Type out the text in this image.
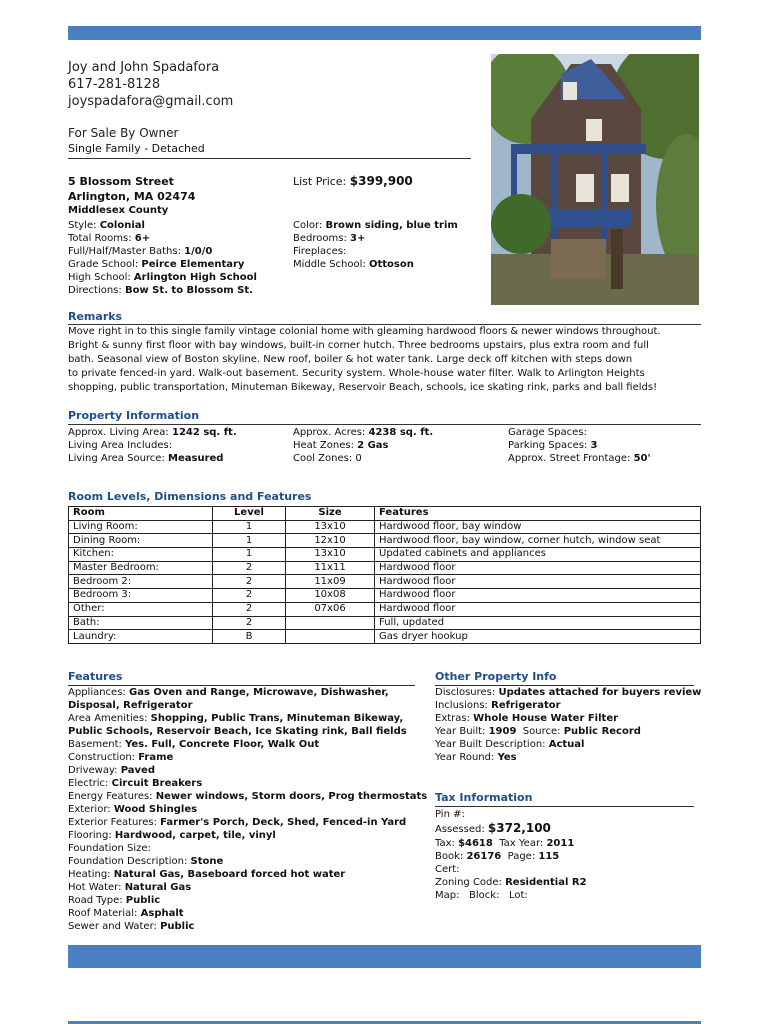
Joy and John Spadafora
617-281-8128
joyspadafora@gmail.com
For Sale By Owner
Single Family - Detached
5 Blossom Street
Arlington, MA 02474
Middlesex County
List Price: $399,900
Style: Colonial
Total Rooms: 6+
Full/Half/Master Baths: 1/0/0
Grade School: Peirce Elementary
High School: Arlington High School
Directions: Bow St. to Blossom St.
Color: Brown siding, blue trim
Bedrooms: 3+
Fireplaces:
Middle School: Ottoson
Remarks
Move right in to this single family vintage colonial home with gleaming hardwood floors & newer windows throughout.
Bright & sunny first floor with bay windows, built-in corner hutch. Three bedrooms upstairs, plus extra room and full
bath. Seasonal view of Boston skyline. New roof, boiler & hot water tank. Large deck off kitchen with steps down
to private fenced-in yard. Walk-out basement. Security system. Whole-house water filter. Walk to Arlington Heights
shopping, public transportation, Minuteman Bikeway, Reservoir Beach, schools, ice skating rink, parks and ball fields!
Property Information
Approx. Living Area: 1242 sq. ft.
Living Area Includes:
Living Area Source: Measured
Approx. Acres: 4238 sq. ft.
Heat Zones: 2 Gas
Cool Zones: 0
Garage Spaces:
Parking Spaces: 3
Approx. Street Frontage: 50'
Room Levels, Dimensions and Features
Room	Level	Size	Features
Living Room:	1	13x10	Hardwood floor, bay window
Dining Room:	1	12x10	Hardwood floor, bay window, corner hutch, window seat
Kitchen:	1	13x10	Updated cabinets and appliances
Master Bedroom:	2	11x11	Hardwood floor
Bedroom 2:	2	11x09	Hardwood floor
Bedroom 3:	2	10x08	Hardwood floor
Other:	2	07x06	Hardwood floor
Bath:	2		Full, updated
Laundry:	B		Gas dryer hookup
Features
Appliances: Gas Oven and Range, Microwave, Dishwasher,
Disposal, Refrigerator
Area Amenities: Shopping, Public Trans, Minuteman Bikeway,
Public Schools, Reservoir Beach, Ice Skating rink, Ball fields
Basement: Yes. Full, Concrete Floor, Walk Out
Construction: Frame
Driveway: Paved
Electric: Circuit Breakers
Energy Features: Newer windows, Storm doors, Prog thermostats
Exterior: Wood Shingles
Exterior Features: Farmer's Porch, Deck, Shed, Fenced-in Yard
Flooring: Hardwood, carpet, tile, vinyl
Foundation Size:
Foundation Description: Stone
Heating: Natural Gas, Baseboard forced hot water
Hot Water: Natural Gas
Road Type: Public
Roof Material: Asphalt
Sewer and Water: Public
Other Property Info
Disclosures: Updates attached for buyers review
Inclusions: Refrigerator
Extras: Whole House Water Filter
Year Built: 1909 Source: Public Record
Year Built Description: Actual
Year Round: Yes
Tax Information
Pin #:
Assessed: $372,100
Tax: $4618 Tax Year: 2011
Book: 26176 Page: 115
Cert:
Zoning Code: Residential R2
Map: Block: Lot:
